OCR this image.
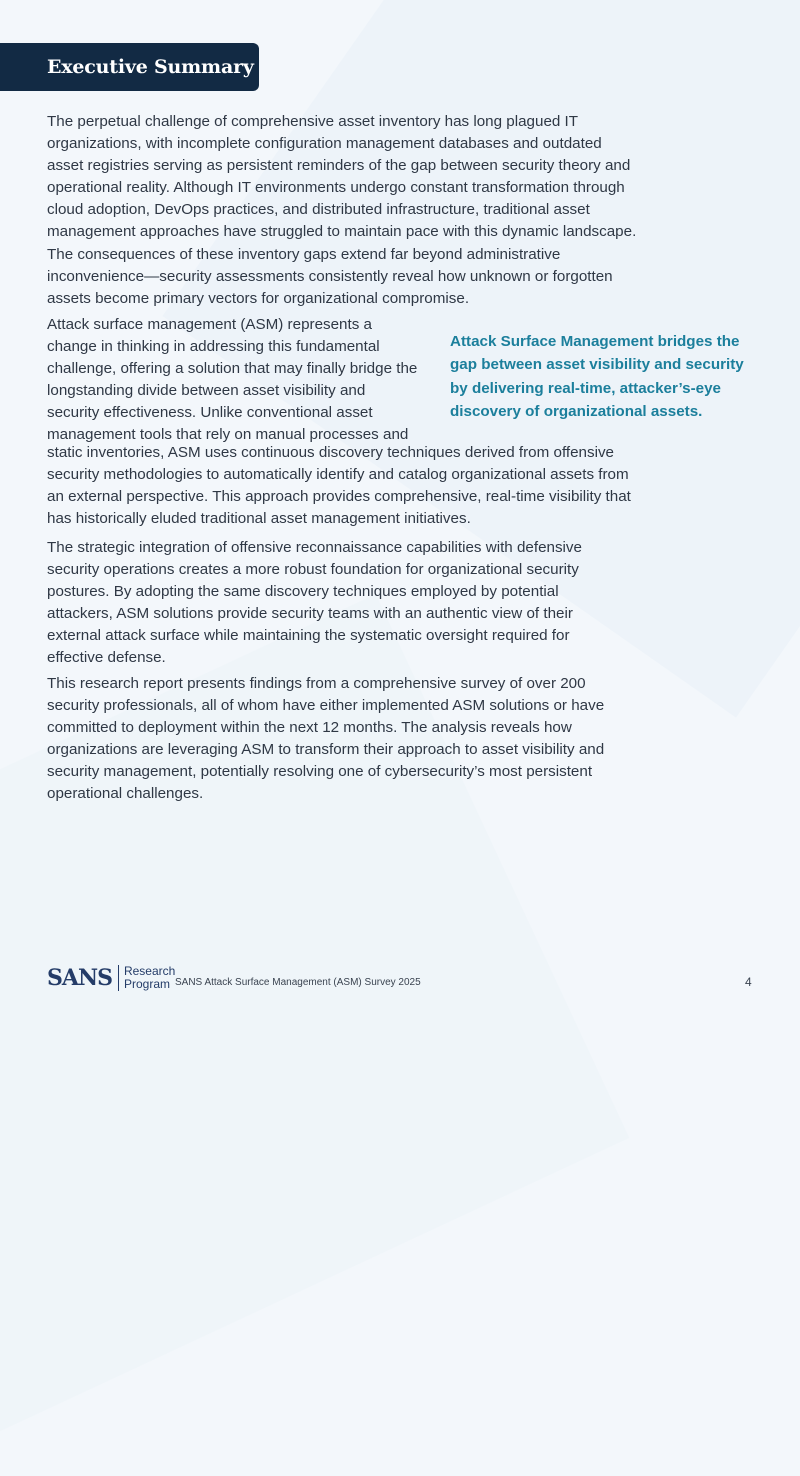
Executive Summary

The perpetual challenge of comprehensive asset inventory has long plagued IT organizations, with incomplete configuration management databases and outdated asset registries serving as persistent reminders of the gap between security theory and operational reality. Although IT environments undergo constant transformation through cloud adoption, DevOps practices, and distributed infrastructure, traditional asset management approaches have struggled to maintain pace with this dynamic landscape. The consequences of these inventory gaps extend far beyond administrative inconvenience—security assessments consistently reveal how unknown or forgotten assets become primary vectors for organizational compromise.

Attack surface management (ASM) represents a change in thinking in addressing this fundamental challenge, offering a solution that may finally bridge the longstanding divide between asset visibility and security effectiveness. Unlike conventional asset management tools that rely on manual processes and

Attack Surface Management bridges the gap between asset visibility and security by delivering real-time, attacker’s-eye discovery of organizational assets.

static inventories, ASM uses continuous discovery techniques derived from offensive security methodologies to automatically identify and catalog organizational assets from an external perspective. This approach provides comprehensive, real-time visibility that has historically eluded traditional asset management initiatives.

The strategic integration of offensive reconnaissance capabilities with defensive security operations creates a more robust foundation for organizational security postures. By adopting the same discovery techniques employed by potential attackers, ASM solutions provide security teams with an authentic view of their external attack surface while maintaining the systematic oversight required for effective defense.

This research report presents findings from a comprehensive survey of over 200 security professionals, all of whom have either implemented ASM solutions or have committed to deployment within the next 12 months. The analysis reveals how organizations are leveraging ASM to transform their approach to asset visibility and security management, potentially resolving one of cybersecurity’s most persistent operational challenges.

SANS Research
Program SANS Attack Surface Management (ASM) Survey 2025	4
